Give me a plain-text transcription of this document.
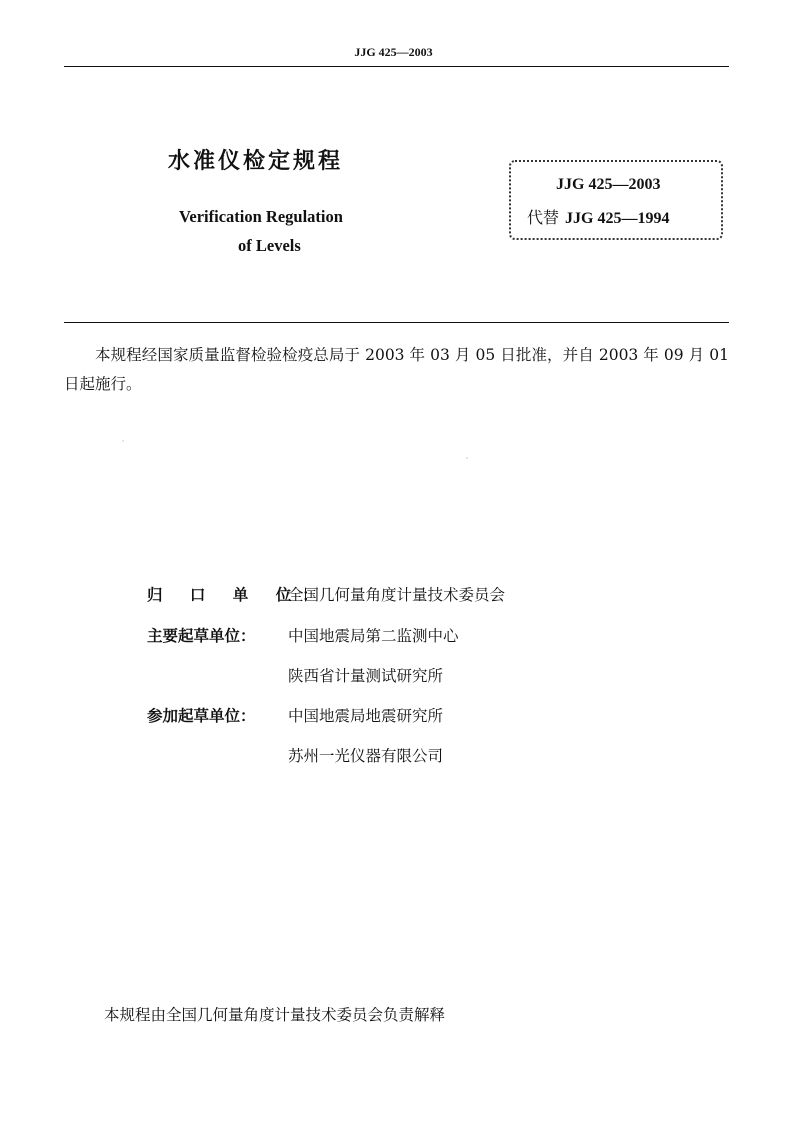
JJG 425—2003
水准仪检定规程
Verification Regulation
of Levels
JJG 425—2003
代替 JJG 425—1994
本规程经国家质量监督检验检疫总局于 2003 年 03 月 05 日批准，并自 2003 年 09 月 01 日起施行。
归 口 单 位：
全国几何量角度计量技术委员会
主要起草单位：	中国地震局第二监测中心
陕西省计量测试研究所
参加起草单位：	中国地震局地震研究所
苏州一光仪器有限公司
本规程由全国几何量角度计量技术委员会负责解释
